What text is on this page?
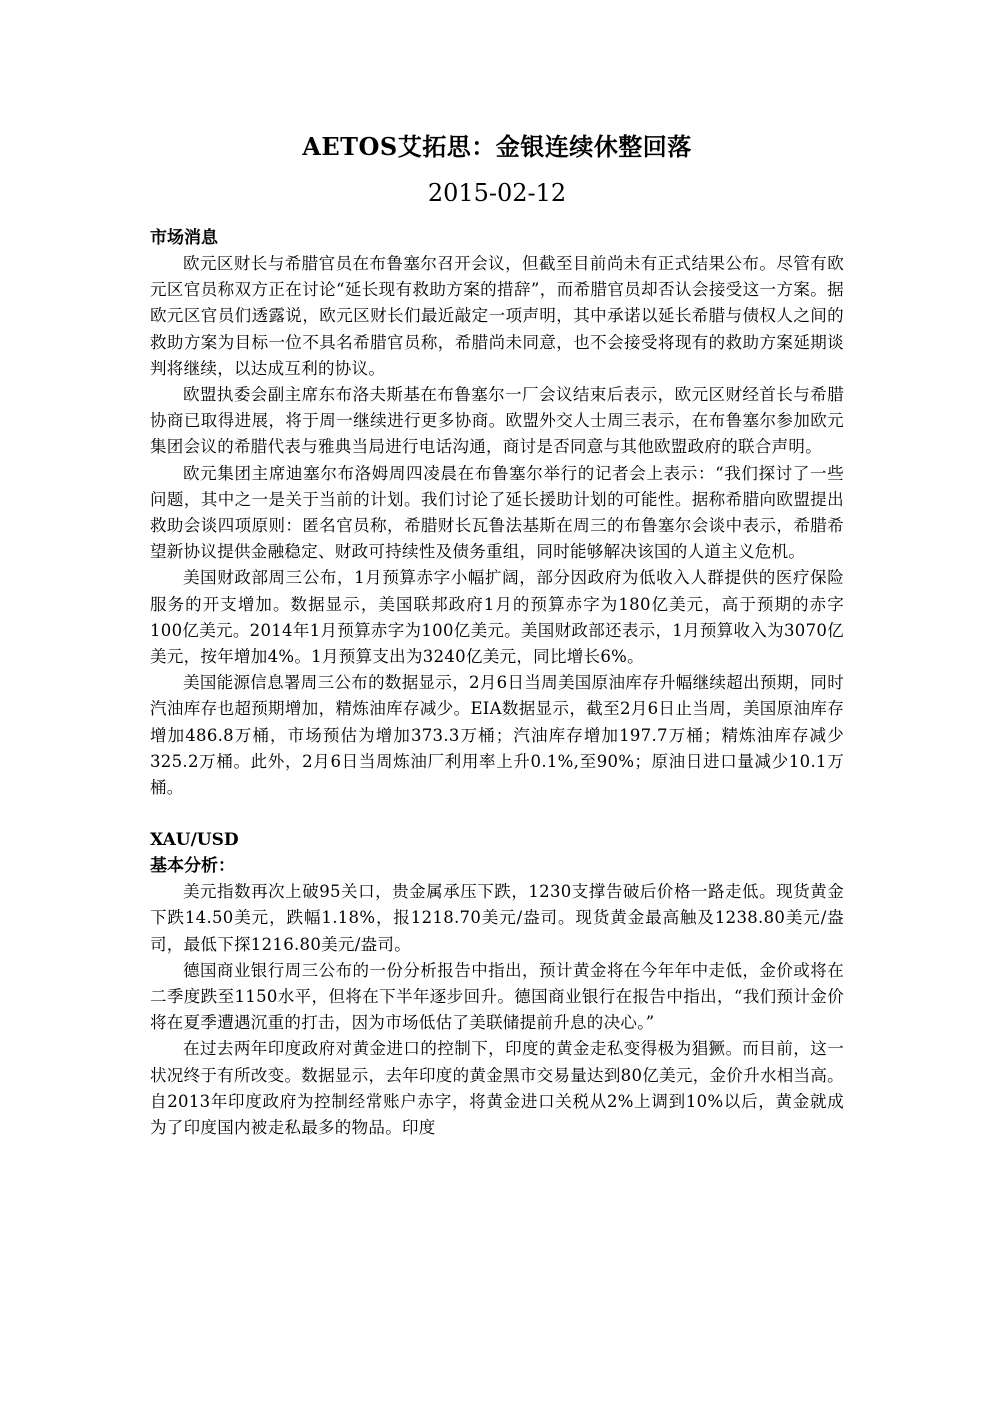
AETOS艾拓思：金银连续休整回落
2015-02-12

市场消息

欧元区财长与希腊官员在布鲁塞尔召开会议，但截至目前尚未有正式结果公布。尽管有欧元区官员称双方正在讨论“延长现有救助方案的措辞”，而希腊官员却否认会接受这一方案。据欧元区官员们透露说，欧元区财长们最近敲定一项声明，其中承诺以延长希腊与债权人之间的救助方案为目标一位不具名希腊官员称，希腊尚未同意，也不会接受将现有的救助方案延期谈判将继续，以达成互利的协议。

欧盟执委会副主席东布洛夫斯基在布鲁塞尔一厂会议结束后表示，欧元区财经首长与希腊协商已取得进展，将于周一继续进行更多协商。欧盟外交人士周三表示，在布鲁塞尔参加欧元集团会议的希腊代表与雅典当局进行电话沟通，商讨是否同意与其他欧盟政府的联合声明。

欧元集团主席迪塞尔布洛姆周四凌晨在布鲁塞尔举行的记者会上表示：“我们探讨了一些问题，其中之一是关于当前的计划。我们讨论了延长援助计划的可能性。据称希腊向欧盟提出救助会谈四项原则：匿名官员称，希腊财长瓦鲁法基斯在周三的布鲁塞尔会谈中表示，希腊希望新协议提供金融稳定、财政可持续性及债务重组，同时能够解决该国的人道主义危机。

美国财政部周三公布，1月预算赤字小幅扩阔，部分因政府为低收入人群提供的医疗保险服务的开支增加。数据显示，美国联邦政府1月的预算赤字为180亿美元，高于预期的赤字100亿美元。2014年1月预算赤字为100亿美元。美国财政部还表示，1月预算收入为3070亿美元，按年增加4%。1月预算支出为3240亿美元，同比增长6%。

美国能源信息署周三公布的数据显示，2月6日当周美国原油库存升幅继续超出预期，同时汽油库存也超预期增加，精炼油库存减少。EIA数据显示，截至2月6日止当周，美国原油库存增加486.8万桶，市场预估为增加373.3万桶；汽油库存增加197.7万桶；精炼油库存减少325.2万桶。此外，2月6日当周炼油厂利用率上升0.1%,至90%；原油日进口量减少10.1万桶。

XAU/USD

基本分析：

美元指数再次上破95关口，贵金属承压下跌，1230支撑告破后价格一路走低。现货黄金下跌14.50美元，跌幅1.18%，报1218.70美元/盎司。现货黄金最高触及1238.80美元/盎司，最低下探1216.80美元/盎司。

德国商业银行周三公布的一份分析报告中指出，预计黄金将在今年年中走低，金价或将在二季度跌至1150水平，但将在下半年逐步回升。德国商业银行在报告中指出，“我们预计金价将在夏季遭遇沉重的打击，因为市场低估了美联储提前升息的决心。”

在过去两年印度政府对黄金进口的控制下，印度的黄金走私变得极为猖獗。而目前，这一状况终于有所改变。数据显示，去年印度的黄金黑市交易量达到80亿美元，金价升水相当高。自2013年印度政府为控制经常账户赤字，将黄金进口关税从2%上调到10%以后，黄金就成为了印度国内被走私最多的物品。印度
